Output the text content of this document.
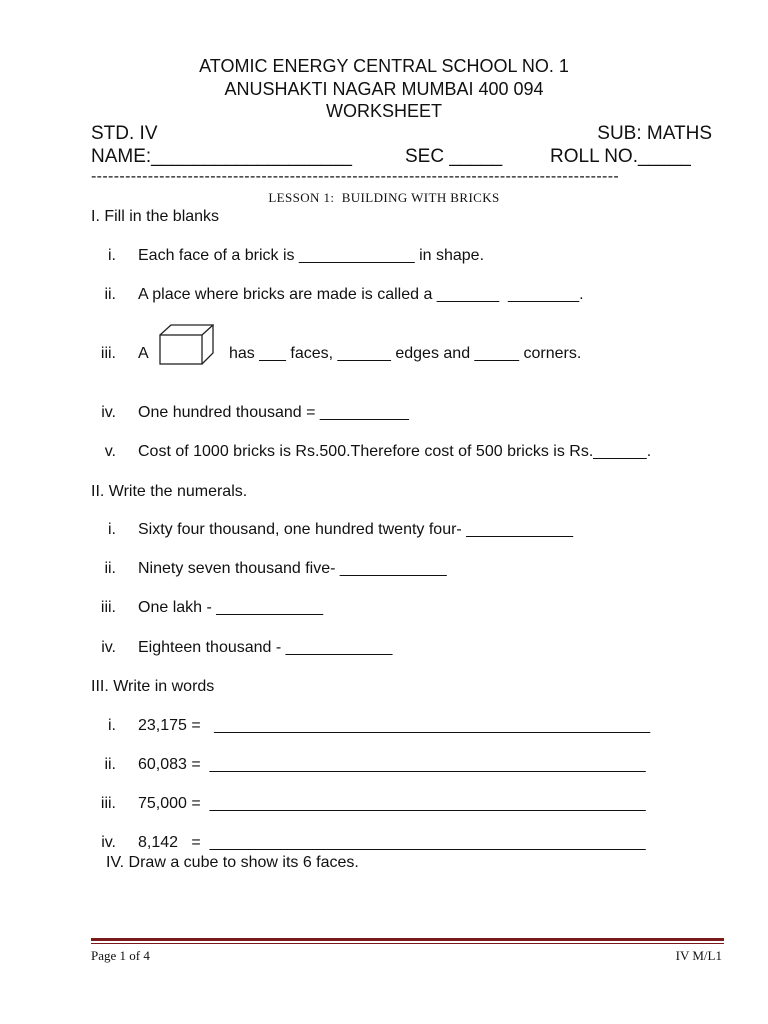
ATOMIC ENERGY CENTRAL SCHOOL NO. 1
ANUSHAKTI NAGAR MUMBAI 400 094
WORKSHEET
STD. IV	SUB: MATHS
NAME:___________________	SEC _____	ROLL NO._____
---------------------------------------------------------------------------------------------
LESSON 1:  BUILDING WITH BRICKS
I. Fill in the blanks
i. Each face of a brick is _____________ in shape.
ii. A place where bricks are made is called a _______  ________.
iii. A	has ___ faces, ______ edges and _____ corners.
iv. One hundred thousand = __________
v. Cost of 1000 bricks is Rs.500.Therefore cost of 500 bricks is Rs.______.
II. Write the numerals.
i. Sixty four thousand, one hundred twenty four- ____________
ii. Ninety seven thousand five- ____________
iii. One lakh - ____________
iv. Eighteen thousand - ____________
III. Write in words
i. 23,175 =   _________________________________________________
ii. 60,083 =  _________________________________________________
iii. 75,000 =  _________________________________________________
iv. 8,142   =  _________________________________________________
IV. Draw a cube to show its 6 faces.
Page 1 of 4	IV M/L1
